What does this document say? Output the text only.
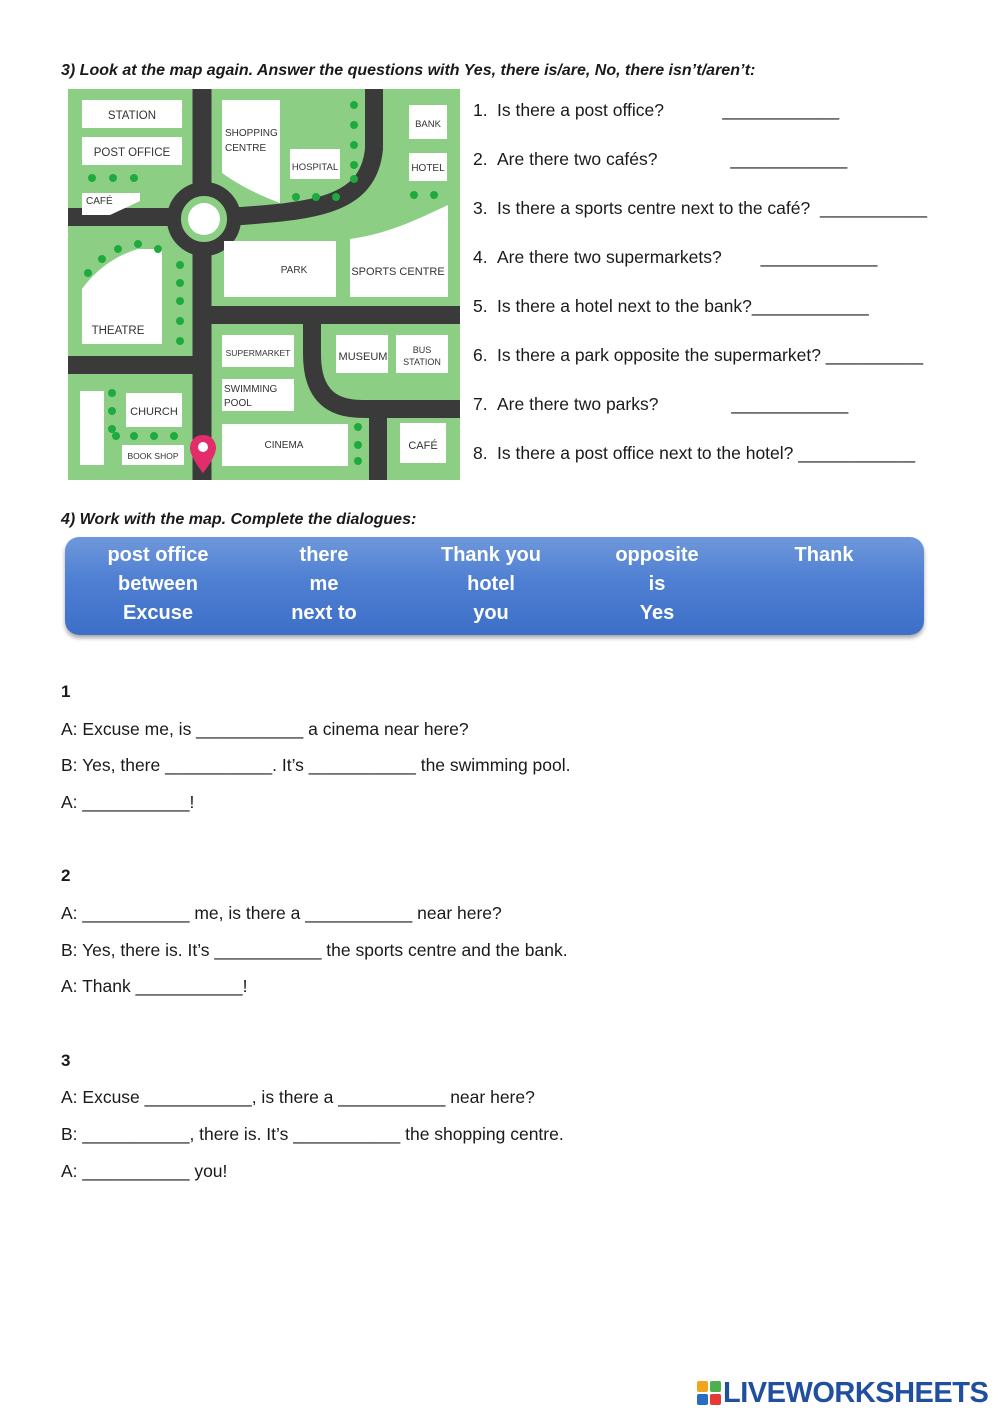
3) Look at the map again. Answer the questions with Yes, there is/are, No, there isn’t/aren’t:
STATION
POST OFFICE
CAFÉ
SHOPPING
CENTRE
HOSPITAL
BANK
HOTEL
PARK	SPORTS CENTRE
THEATRE
SUPERMARKET	MUSEUM
BUS
STATION
SWIMMING
POOL
CHURCH
CINEMA	CAFÉ
BOOK SHOP
1. Is there a post office?            ____________
2. Are there two cafés?               ____________
3. Is there a sports centre next to the café?  ___________
4. Are there two supermarkets?        ____________
5. Is there a hotel next to the bank?____________
6. Is there a park opposite the supermarket? __________
7. Are there two parks?               ____________
8. Is there a post office next to the hotel? ____________
4) Work with the map. Complete the dialogues:
post office	there	Thank you	opposite	Thank
between	me	hotel	is
Excuse	next to	you	Yes
1
A: Excuse me, is ___________ a cinema near here?
B: Yes, there ___________. It’s ___________ the swimming pool.
A: ___________!
2
A: ___________ me, is there a ___________ near here?
B: Yes, there is. It’s ___________ the sports centre and the bank.
A: Thank ___________!
3
A: Excuse ___________, is there a ___________ near here?
B: ___________, there is. It’s ___________ the shopping centre.
A: ___________ you!
LIVEWORKSHEETS
